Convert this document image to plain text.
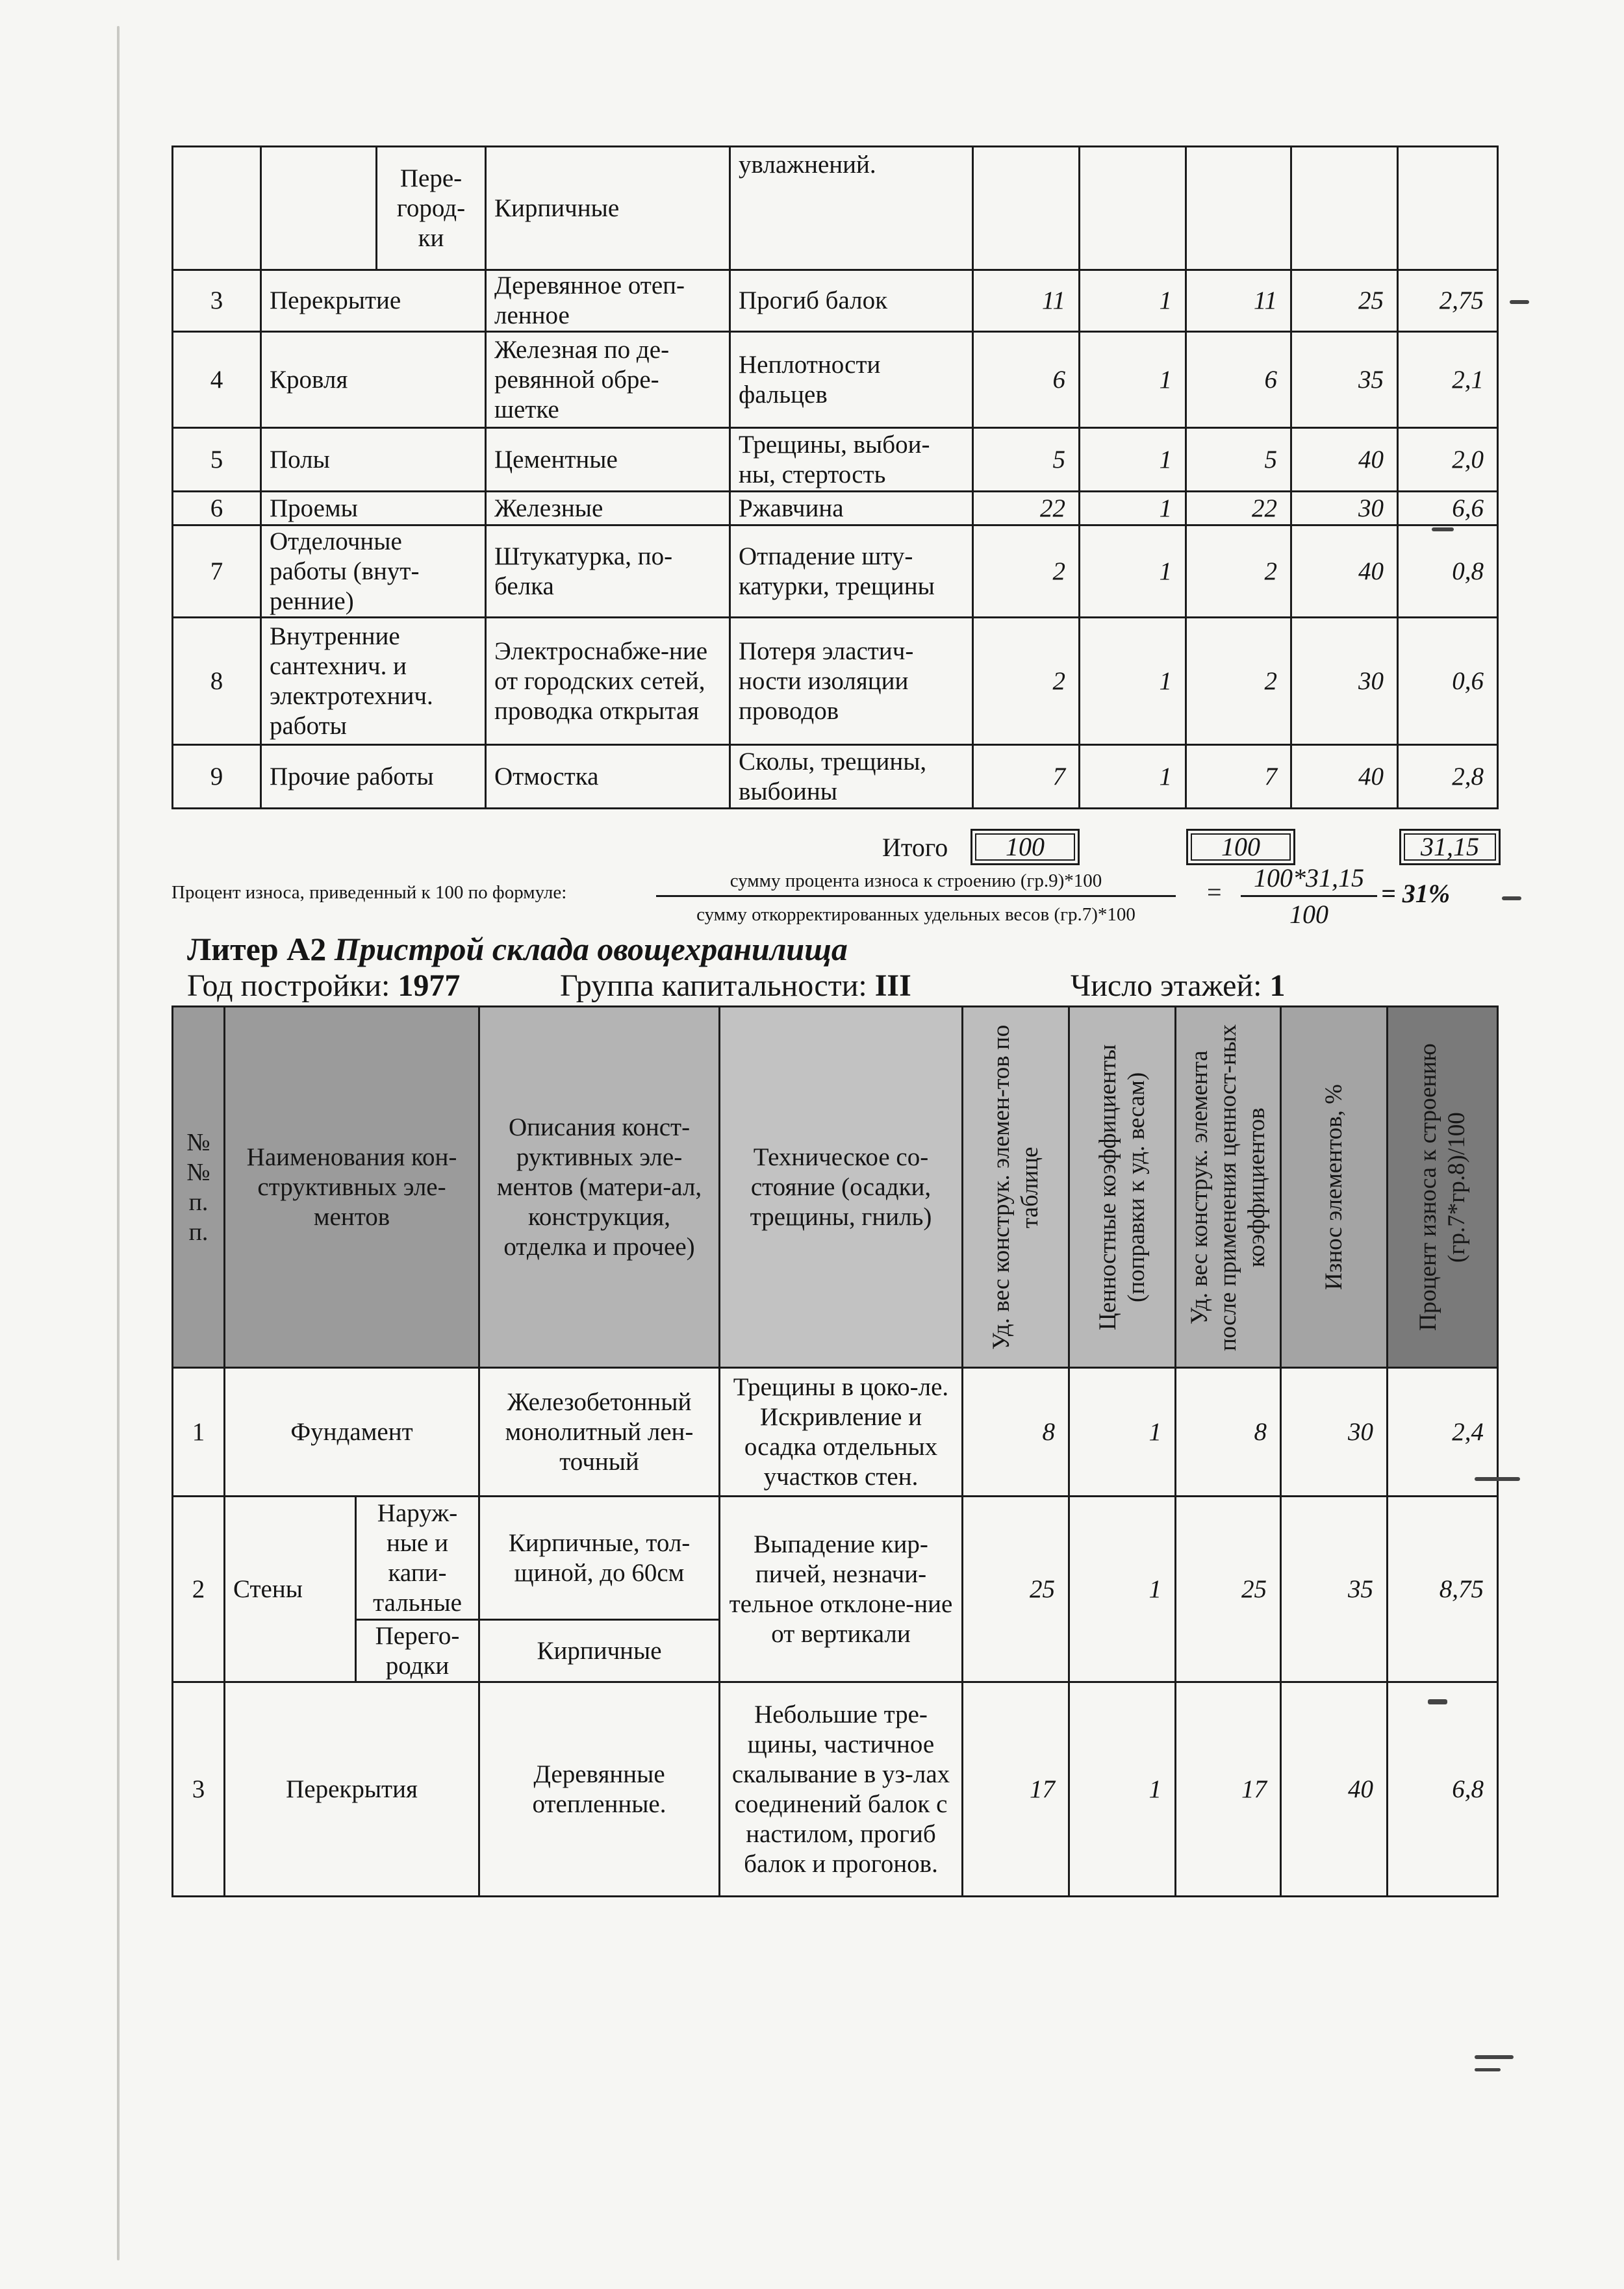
		Пере-город-ки	Кирпичные	увлажнений.					
3	Перекрытие		Деревянное отеп-ленное	Прогиб балок	11	1	11	25	2,75
4	Кровля		Железная по де-ревянной обре-шетке	Неплотности фальцев	6	1	6	35	2,1
5	Полы		Цементные	Трещины, выбои-ны, стертость	5	1	5	40	2,0
6	Проемы		Железные	Ржавчина	22	1	22	30	6,6
7	Отделочные работы (внут-ренние)		Штукатурка, по-белка	Отпадение шту-катурки, трещины	2	1	2	40	0,8
8	Внутренние сантехнич. и электротехнич. работы		Электроснабже-ние от городских сетей, проводка открытая	Потеря эластич-ности изоляции проводов	2	1	2	30	0,6
9	Прочие работы		Отмостка	Сколы, трещины, выбоины	7	1	7	40	2,8
Итого	100	100	31,15
Процент износа, приведенный к 100 по формуле:
сумму процента износа к строению (гр.9)*100
сумму откорректированных удельных весов (гр.7)*100
=	100*31,15
100
= 31%
Литер А2 Пристрой склада овощехранилища
Год постройки: 1977	Группа капитальности: III	Число этажей: 1
№ № п. п.	Наименования кон-структивных эле-ментов		Описания конст-руктивных эле-ментов (матери-ал, конструкция, отделка и прочее)	Техническое со-стояние (осадки, трещины, гниль)	Уд. вес конструк. элемен-тов по таблице	Ценностные коэффициенты (поправки к уд. весам)	Уд. вес конструк. элемента после применения ценност-ных коэффициентов	Износ элементов, %	Процент износа к строению (гр.7*гр.8)/100

1	Фундамент		Железобетонный монолитный лен-точный	Трещины в цоко-ле. Искривление и осадка отдельных участков стен.	8	1	8	30	2,4
2	Стены	Наруж-ные и капи-тальные	Кирпичные, тол-щиной, до 60см	Выпадение кир-пичей, незначи-тельное отклоне-ние от вертикали	25	1	25	35	8,75
		Перего-родки	Кирпичные						
3	Перекрытия		Деревянные отепленные.	Небольшие тре-щины, частичное скалывание в уз-лах соединений балок с настилом, прогиб балок и прогонов.	17	1	17	40	6,8
